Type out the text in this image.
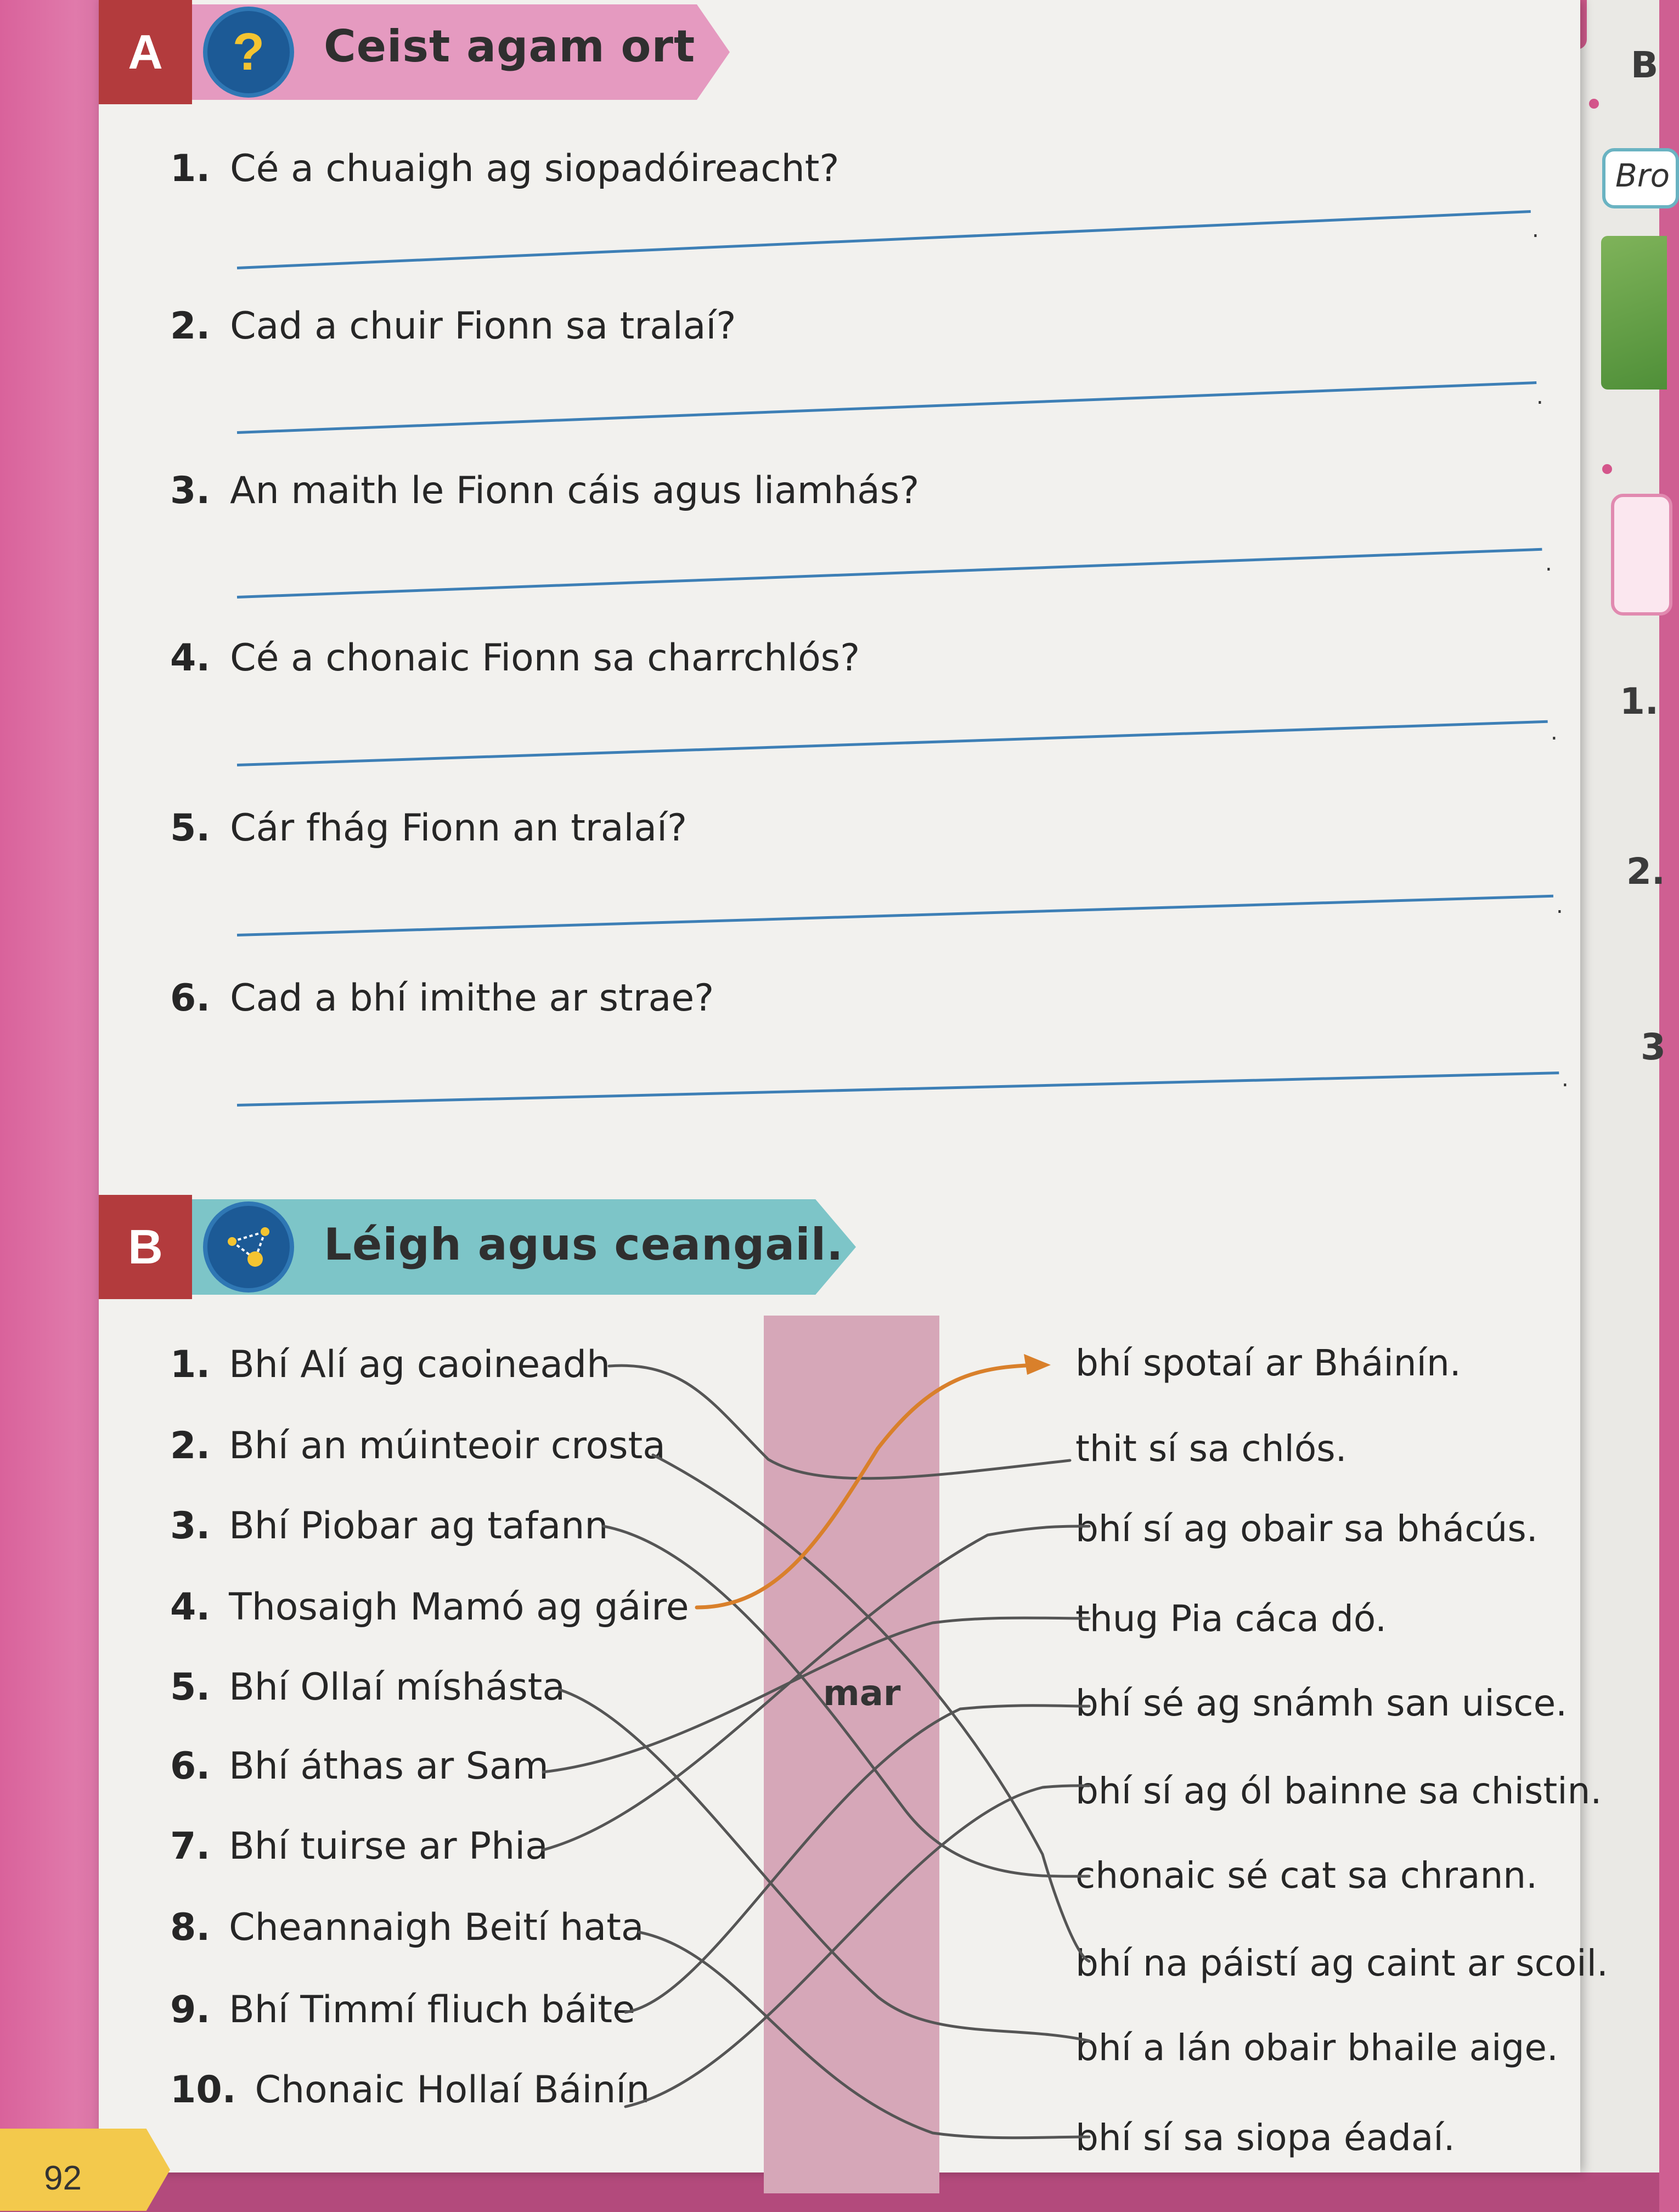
B
Bro
1.
2.
3
A	? Ceist agam ort
1. Cé a chuaigh ag siopadóireacht?
.
2. Cad a chuir Fionn sa tralaí?
.
3. An maith le Fionn cáis agus liamhás?
.
4. Cé a chonaic Fionn sa charrchlós?
.
5. Cár fhág Fionn an tralaí?
.
6. Cad a bhí imithe ar strae?
.
B	Léigh agus ceangail.
1. Bhí Alí ag caoineadh
2. Bhí an múinteoir crosta
3. Bhí Piobar ag tafann
4. Thosaigh Mamó ag gáire
5. Bhí Ollaí míshásta
6. Bhí áthas ar Sam
7. Bhí tuirse ar Phia
8. Cheannaigh Beití hata
9. Bhí Timmí fliuch báite
10. Chonaic Hollaí Báinín
bhí spotaí ar Bháinín.
thit sí sa chlós.
bhí sí ag obair sa bhácús.
thug Pia cáca dó.
bhí sé ag snámh san uisce.
bhí sí ag ól bainne sa chistin.
chonaic sé cat sa chrann.
bhí na páistí ag caint ar scoil.
bhí a lán obair bhaile aige.
bhí sí sa siopa éadaí.
mar
92
